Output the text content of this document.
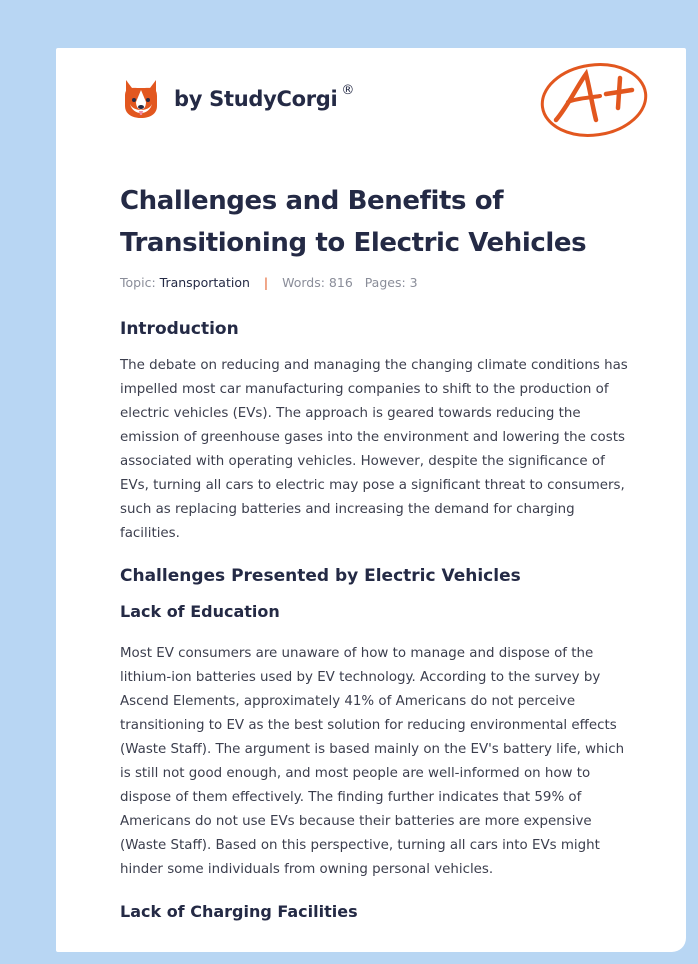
by StudyCorgi ®
Challenges and Benefits of Transitioning to Electric Vehicles
Topic: Transportation | Words: 816 Pages: 3
Introduction

The debate on reducing and managing the changing climate conditions has impelled most car manufacturing companies to shift to the production of electric vehicles (EVs). The approach is geared towards reducing the emission of greenhouse gases into the environment and lowering the costs associated with operating vehicles. However, despite the significance of EVs, turning all cars to electric may pose a significant threat to consumers, such as replacing batteries and increasing the demand for charging facilities.

Challenges Presented by Electric Vehicles
Lack of Education

Most EV consumers are unaware of how to manage and dispose of the lithium-ion batteries used by EV technology. According to the survey by Ascend Elements, approximately 41% of Americans do not perceive transitioning to EV as the best solution for reducing environmental effects (Waste Staff). The argument is based mainly on the EV's battery life, which is still not good enough, and most people are well-informed on how to dispose of them effectively. The finding further indicates that 59% of Americans do not use EVs because their batteries are more expensive (Waste Staff). Based on this perspective, turning all cars into EVs might hinder some individuals from owning personal vehicles.

Lack of Charging Facilities
